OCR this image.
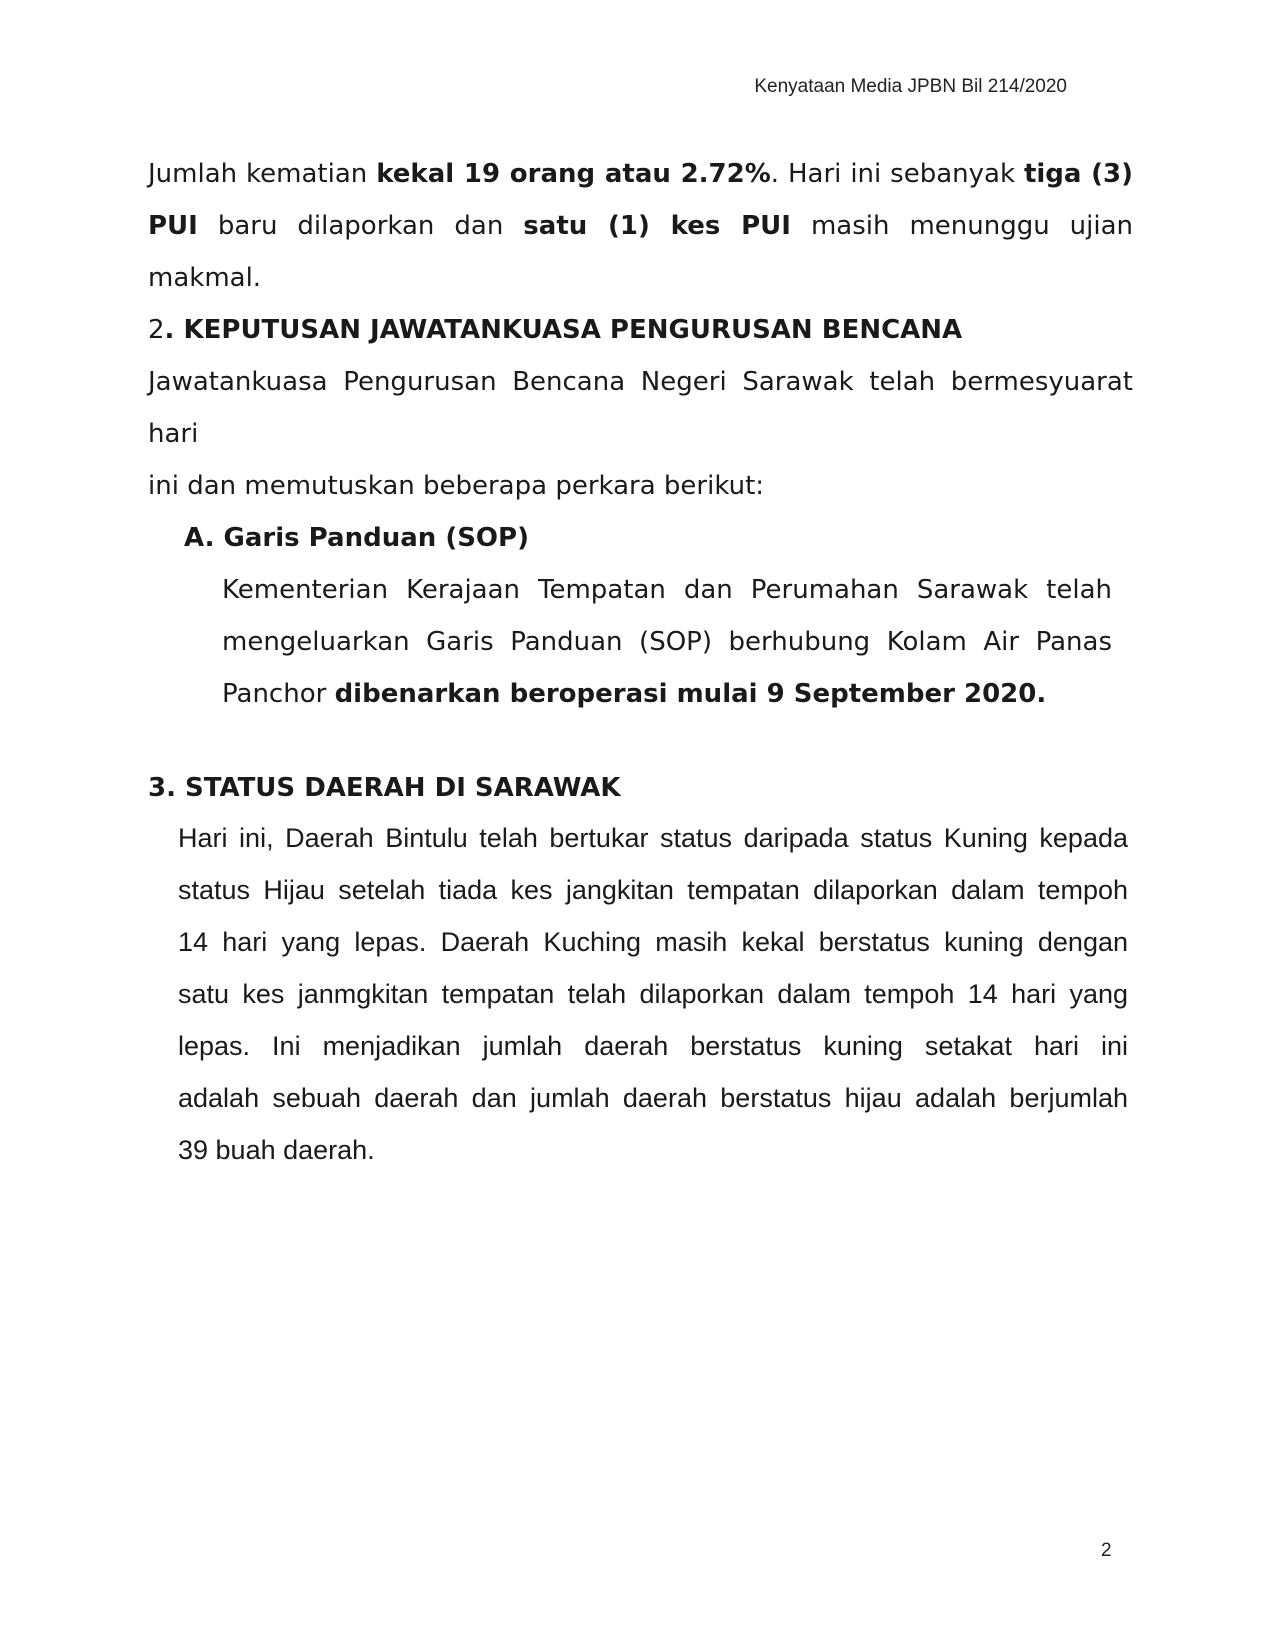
Kenyataan Media JPBN Bil 214/2020
Jumlah kematian kekal 19 orang atau 2.72%. Hari ini sebanyak tiga (3)
PUI baru dilaporkan dan satu (1) kes PUI masih menunggu ujian makmal.
2. KEPUTUSAN JAWATANKUASA PENGURUSAN BENCANA
Jawatankuasa Pengurusan Bencana Negeri Sarawak telah bermesyuarat hari
ini dan memutuskan beberapa perkara berikut:
A. Garis Panduan (SOP)
Kementerian Kerajaan Tempatan dan Perumahan Sarawak telah
mengeluarkan Garis Panduan (SOP) berhubung Kolam Air Panas
Panchor dibenarkan beroperasi mulai 9 September 2020.
3. STATUS DAERAH DI SARAWAK
Hari ini, Daerah Bintulu telah bertukar status daripada status Kuning kepada
status Hijau setelah tiada kes jangkitan tempatan dilaporkan dalam tempoh
14 hari yang lepas. Daerah Kuching masih kekal berstatus kuning dengan
satu kes janmgkitan tempatan telah dilaporkan dalam tempoh 14 hari yang
lepas. Ini menjadikan jumlah daerah berstatus kuning setakat hari ini
adalah sebuah daerah dan jumlah daerah berstatus hijau adalah berjumlah
39 buah daerah.
2
